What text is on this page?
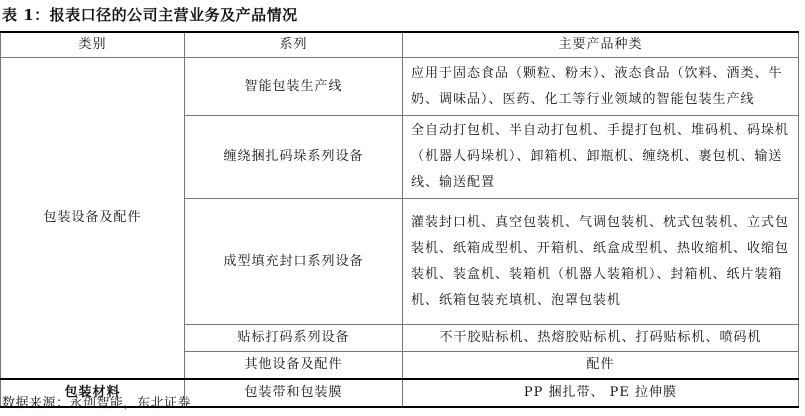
表 1：报表口径的公司主营业务及产品情况
类别	系列	主要产品种类
包装设备及配件	智能包装生产线	应用于固态食品（颗粒、粉末）、液态食品（饮料、酒类、牛奶、调味品）、医药、化工等行业领域的智能包装生产线
	缠绕捆扎码垛系列设备	全自动打包机、半自动打包机、手提打包机、堆码机、码垛机（机器人码垛机）、卸箱机、卸瓶机、缠绕机、裹包机、输送线、输送配置
	成型填充封口系列设备	灌装封口机、真空包装机、气调包装机、枕式包装机、立式包装机、纸箱成型机、开箱机、纸盒成型机、热收缩机、收缩包装机、装盒机、装箱机（机器人装箱机）、封箱机、纸片装箱机、纸箱包装充填机、泡罩包装机
	贴标打码系列设备	不干胶贴标机、热熔胶贴标机、打码贴标机、喷码机
	其他设备及配件	配件
包装材料	包装带和包装膜	PP 捆扎带、 PE 拉伸膜
数据来源：永创智能，东北证券
